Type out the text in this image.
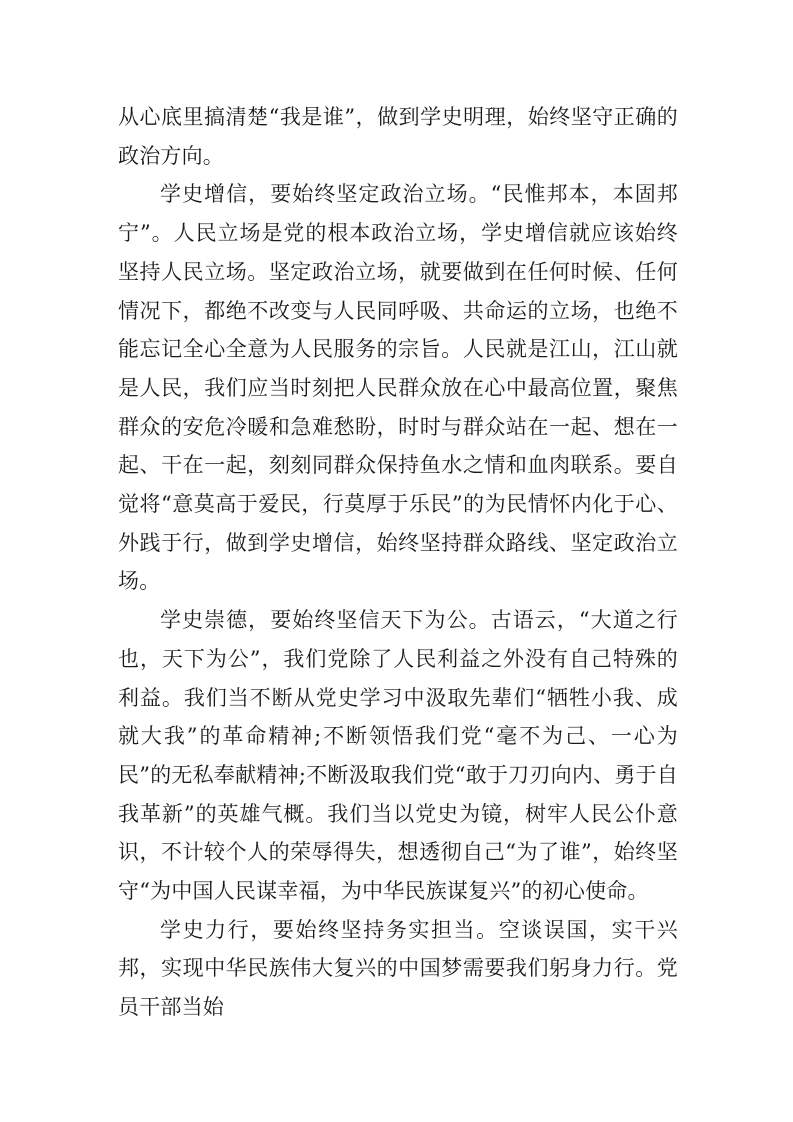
从心底里搞清楚“我是谁”，做到学史明理，始终坚守正确的政治方向。

学史增信，要始终坚定政治立场。“民惟邦本，本固邦宁”。人民立场是党的根本政治立场，学史增信就应该始终坚持人民立场。坚定政治立场，就要做到在任何时候、任何情况下，都绝不改变与人民同呼吸、共命运的立场，也绝不能忘记全心全意为人民服务的宗旨。人民就是江山，江山就是人民，我们应当时刻把人民群众放在心中最高位置，聚焦群众的安危冷暖和急难愁盼，时时与群众站在一起、想在一起、干在一起，刻刻同群众保持鱼水之情和血肉联系。要自觉将“意莫高于爱民，行莫厚于乐民”的为民情怀内化于心、外践于行，做到学史增信，始终坚持群众路线、坚定政治立场。

学史崇德，要始终坚信天下为公。古语云，“大道之行也，天下为公”，我们党除了人民利益之外没有自己特殊的利益。我们当不断从党史学习中汲取先辈们“牺牲小我、成就大我”的革命精神;不断领悟我们党“毫不为己、一心为民”的无私奉献精神;不断汲取我们党“敢于刀刃向内、勇于自我革新”的英雄气概。我们当以党史为镜，树牢人民公仆意识，不计较个人的荣辱得失，想透彻自己“为了谁”，始终坚守“为中国人民谋幸福，为中华民族谋复兴”的初心使命。

学史力行，要始终坚持务实担当。空谈误国，实干兴邦，实现中华民族伟大复兴的中国梦需要我们躬身力行。党员干部当始
